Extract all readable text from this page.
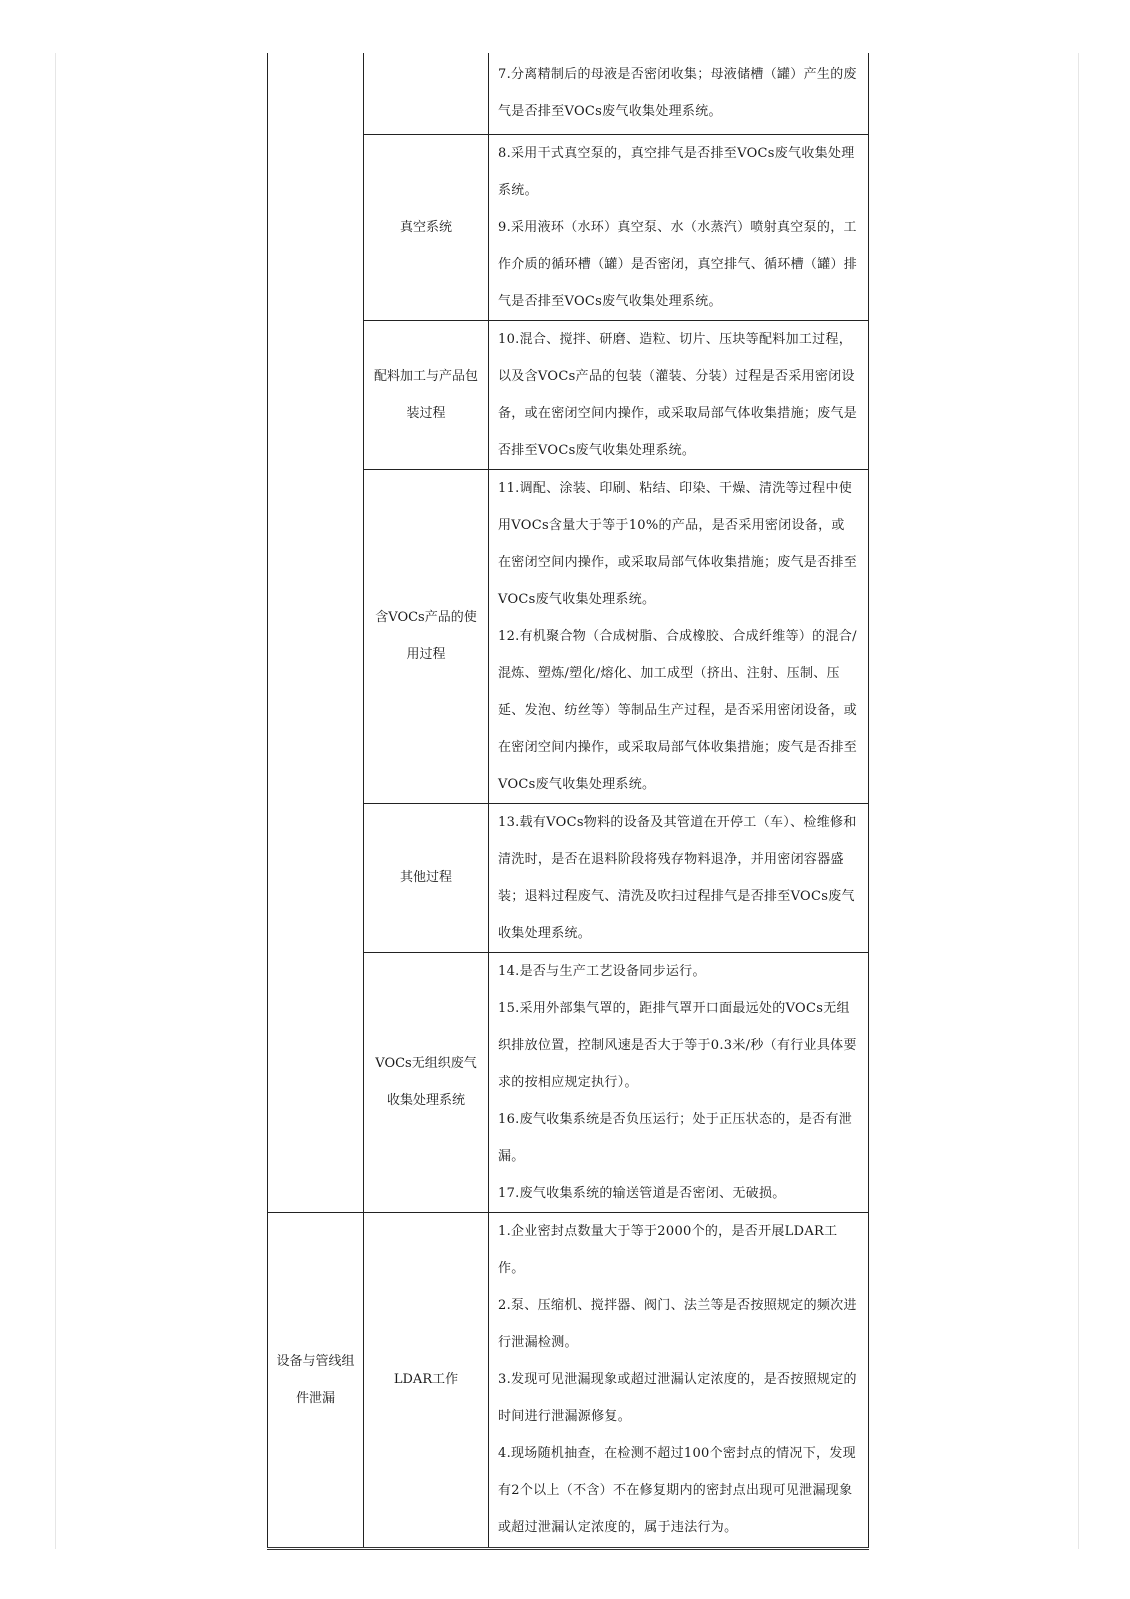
		7.分离精制后的母液是否密闭收集；母液储槽（罐）产生的废气是否排至VOCs废气收集处理系统。

	真空系统	8.采用干式真空泵的，真空排气是否排至VOCs废气收集处理系统。
9.采用液环（水环）真空泵、水（水蒸汽）喷射真空泵的，工作介质的循环槽（罐）是否密闭，真空排气、循环槽（罐）排气是否排至VOCs废气收集处理系统。

	配料加工与产品包装过程	10.混合、搅拌、研磨、造粒、切片、压块等配料加工过程，以及含VOCs产品的包装（灌装、分装）过程是否采用密闭设备，或在密闭空间内操作，或采取局部气体收集措施；废气是否排至VOCs废气收集处理系统。

	含VOCs产品的使用过程	11.调配、涂装、印刷、粘结、印染、干燥、清洗等过程中使用VOCs含量大于等于10%的产品，是否采用密闭设备，或在密闭空间内操作，或采取局部气体收集措施；废气是否排至VOCs废气收集处理系统。
12.有机聚合物（合成树脂、合成橡胶、合成纤维等）的混合/混炼、塑炼/塑化/熔化、加工成型（挤出、注射、压制、压延、发泡、纺丝等）等制品生产过程，是否采用密闭设备，或在密闭空间内操作，或采取局部气体收集措施；废气是否排至VOCs废气收集处理系统。

	其他过程	13.载有VOCs物料的设备及其管道在开停工（车）、检维修和清洗时，是否在退料阶段将残存物料退净，并用密闭容器盛装；退料过程废气、清洗及吹扫过程排气是否排至VOCs废气收集处理系统。

	VOCs无组织废气收集处理系统	14.是否与生产工艺设备同步运行。
15.采用外部集气罩的，距排气罩开口面最远处的VOCs无组织排放位置，控制风速是否大于等于0.3米/秒（有行业具体要求的按相应规定执行）。
16.废气收集系统是否负压运行；处于正压状态的，是否有泄漏。
17.废气收集系统的输送管道是否密闭、无破损。

设备与管线组件泄漏	LDAR工作	1.企业密封点数量大于等于2000个的，是否开展LDAR工作。
2.泵、压缩机、搅拌器、阀门、法兰等是否按照规定的频次进行泄漏检测。
3.发现可见泄漏现象或超过泄漏认定浓度的，是否按照规定的时间进行泄漏源修复。
4.现场随机抽查，在检测不超过100个密封点的情况下，发现有2个以上（不含）不在修复期内的密封点出现可见泄漏现象或超过泄漏认定浓度的，属于违法行为。
